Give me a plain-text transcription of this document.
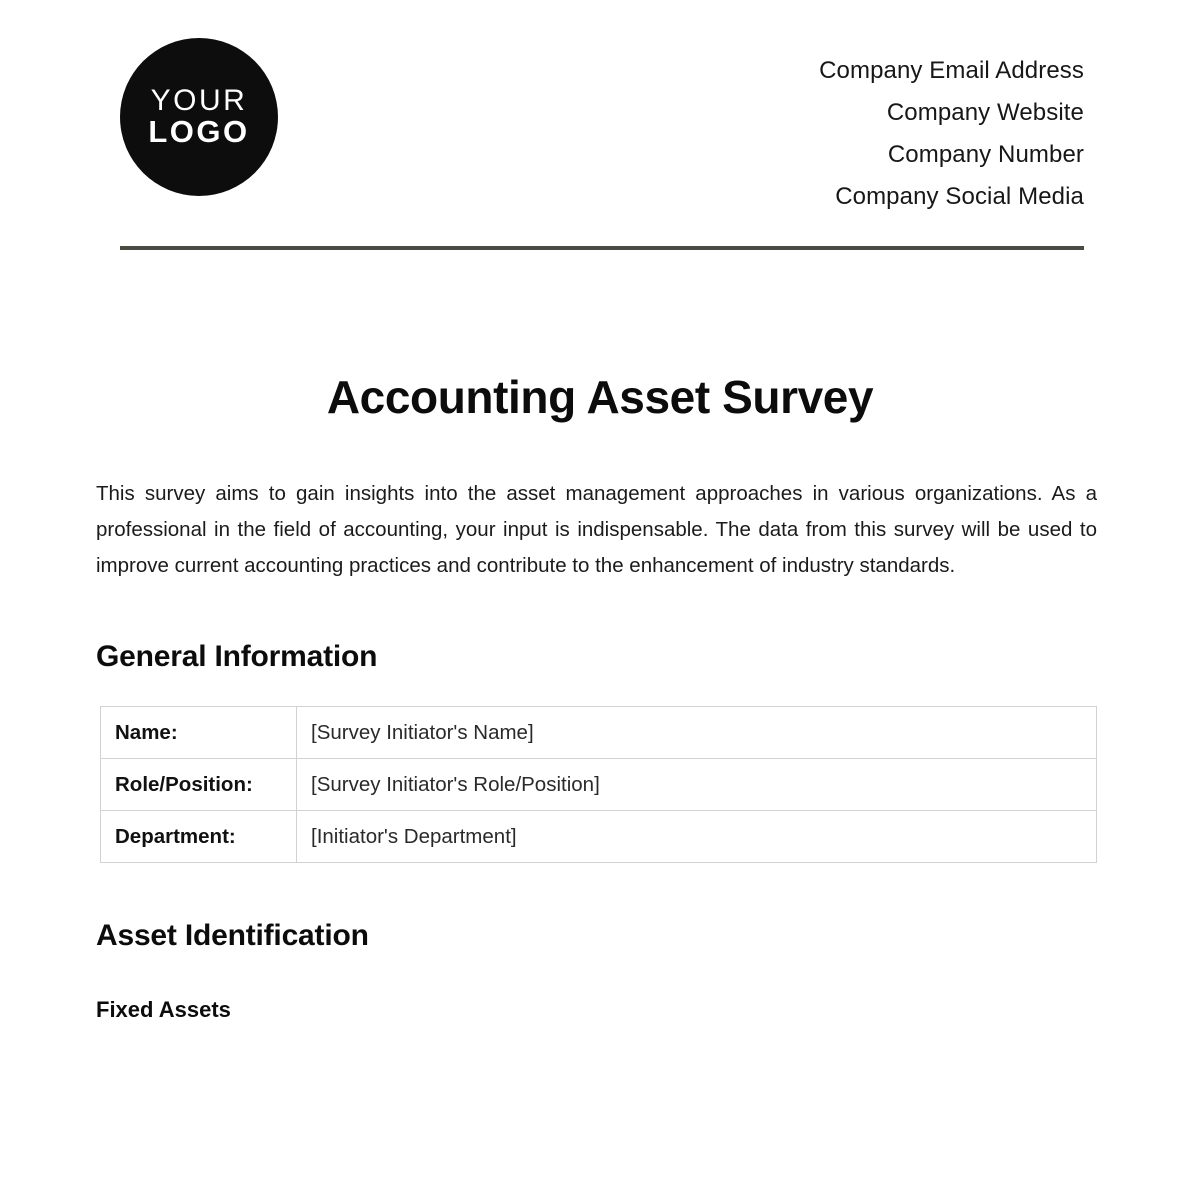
YOUR
LOGO
Company Email Address
Company Website
Company Number
Company Social Media
Accounting Asset Survey

This survey aims to gain insights into the asset management approaches in various organizations. As a professional in the field of accounting, your input is indispensable. The data from this survey will be used to improve current accounting practices and contribute to the enhancement of industry standards.

General Information
Name:	[Survey Initiator's Name]
Role/Position:	[Survey Initiator's Role/Position]
Department:	[Initiator's Department]
Asset Identification
Fixed Assets
